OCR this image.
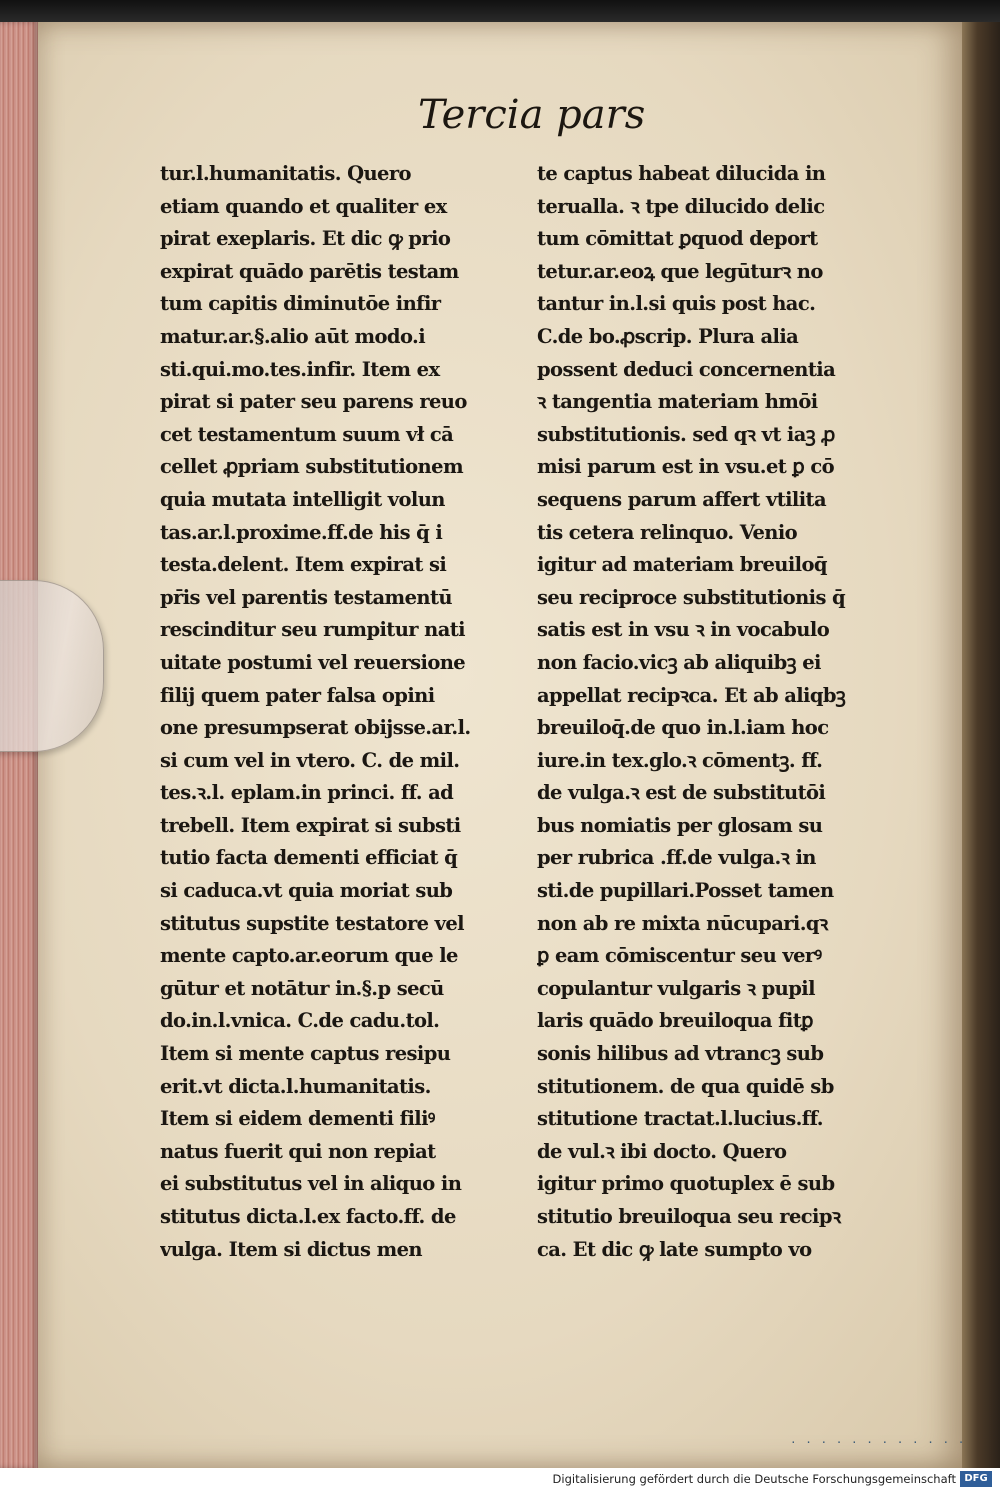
· · · · · · · · · · · ·
Tercia pars
tur.l.humanitatis. Quero
etiam quando et qualiter ex
pirat exeplaris. Et dic ꝙ prio
expirat quādo parētis testam
tum capitis diminutōe infir
matur.ar.§.alio aūt modo.i
sti.qui.mo.tes.infir. Item ex
pirat si pater seu parens reuo
cet testamentum suum vł cā
cellet ꝓpriam substitutionem
quia mutata intelligit volun
tas.ar.l.proxime.ff.de his q̄ i
testa.delent. Item expirat si
pr̄is vel parentis testamentū
rescinditur seu rumpitur nati
uitate postumi vel reuersione
filij quem pater falsa opini
one presumpserat obijsse.ar.l.
si cum vel in vtero. C. de mil.
tes.ꝛ.l. eplam.in princi. ff. ad
trebell. Item expirat si substi
tutio facta dementi efficiat q̄
si caduca.vt quia moriat sub
stitutus supstite testatore vel
mente capto.ar.eorum que le
gūtur et notātur in.§.p secū
do.in.l.vnica. C.de cadu.tol.
Item si mente captus resipu
erit.vt dicta.l.humanitatis.
Item si eidem dementi filiꝰ
natus fuerit qui non repiat
ei substitutus vel in aliquo in
stitutus dicta.l.ex facto.ff. de
vulga. Item si dictus men
te captus habeat dilucida in
teruallа. ꝛ tpe dilucido delic
tum cōmittat ꝑquod deport
tetur.ar.eoꝝ que legūturꝛ no
tantur in.l.si quis post hac.
C.de bo.ꝓscrip. Plura alia
possent deduci concernentia
ꝛ tangentia materiam hmōi
substitutionis. sed qꝛ vt iaꝫ ꝓ
misi parum est in vsu.et ꝑ cō
sequens parum affert vtilita
tis cetera relinquo. Venio
igitur ad materiam breuiloq̄
seu reciproce substitutionis q̄
satis est in vsu ꝛ in vocabulo
non facio.vicꝫ ab aliquibꝫ ei
appellat recipꝛca. Et ab aliqbꝫ
breuiloq̄.de quo in.l.iam hoc
iure.in tex.glo.ꝛ cōmentꝫ. ff.
de vulga.ꝛ est de substitutōi
bus nomiatis per glosam su
per rubrica .ff.de vulga.ꝛ in
sti.de pupillari.Posset tamen
non ab re mixta nūcupari.qꝛ
ꝑ eam cōmiscentur seu verꝰ
copulantur vulgaris ꝛ pupil
laris quādo breuiloqua fitꝑ
sonis hilibus ad vtrancꝫ sub
stitutionem. de qua quidē sb
stitutione tractat.l.lucius.ff.
de vul.ꝛ ibi docto. Quero
igitur primo quotuplex ē sub
stitutio breuiloqua seu recipꝛ
ca. Et dic ꝙ late sumpto vo
Digitalisierung gefördert durch die Deutsche Forschungsgemeinschaft DFG
